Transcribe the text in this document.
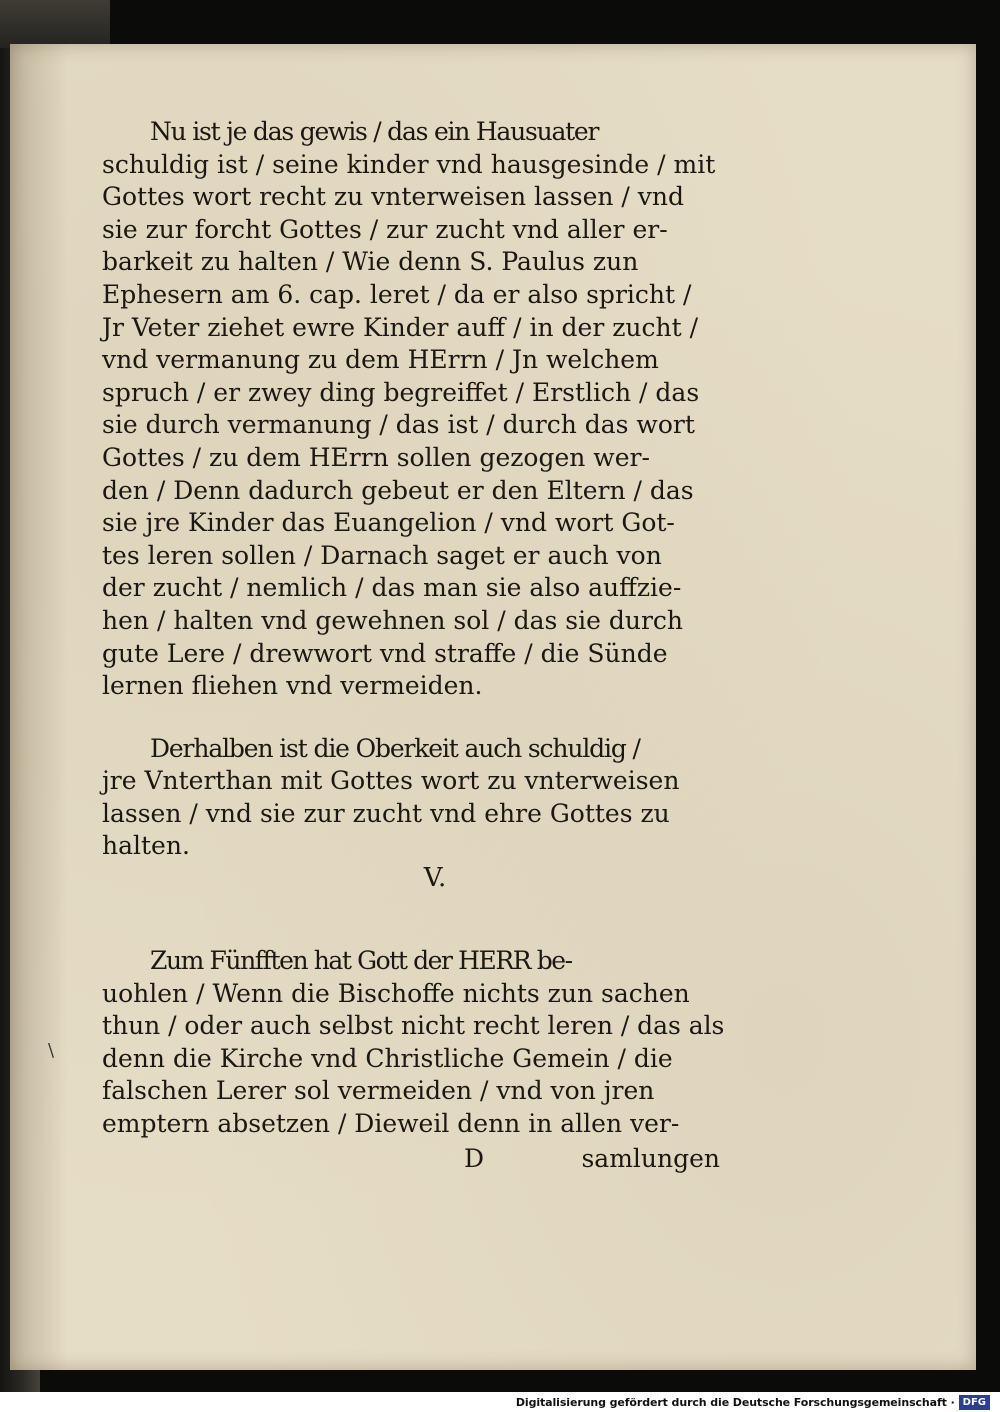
Nu ist je das gewis / das ein Hausuater
schuldig ist / seine kinder vnd hausgesinde / mit
Gottes wort recht zu vnterweisen lassen / vnd
sie zur forcht Gottes / zur zucht vnd aller er-
barkeit zu halten / Wie denn S. Paulus zun
Ephesern am 6. cap. leret / da er also spricht /
Jr Veter ziehet ewre Kinder auff / in der zucht /
vnd vermanung zu dem HErrn / Jn welchem
spruch / er zwey ding begreiffet / Erstlich / das
sie durch vermanung / das ist / durch das wort
Gottes / zu dem HErrn sollen gezogen wer-
den / Denn dadurch gebeut er den Eltern / das
sie jre Kinder das Euangelion / vnd wort Got-
tes leren sollen / Darnach saget er auch von
der zucht / nemlich / das man sie also auffzie-
hen / halten vnd gewehnen sol / das sie durch
gute Lere / drewwort vnd straffe / die Sünde
lernen fliehen vnd vermeiden.
Derhalben ist die Oberkeit auch schuldig /
jre Vnterthan mit Gottes wort zu vnterweisen
lassen / vnd sie zur zucht vnd ehre Gottes zu
halten.
V.
Zum Fünfften hat Gott der HERR be-
uohlen / Wenn die Bischoffe nichts zun sachen
thun / oder auch selbst nicht recht leren / das als
denn die Kirche vnd Christliche Gemein / die
falschen Lerer sol vermeiden / vnd von jren
emptern absetzen / Dieweil denn in allen ver-
D	samlungen
\
Digitalisierung gefördert durch die Deutsche Forschungsgemeinschaft · DFG
